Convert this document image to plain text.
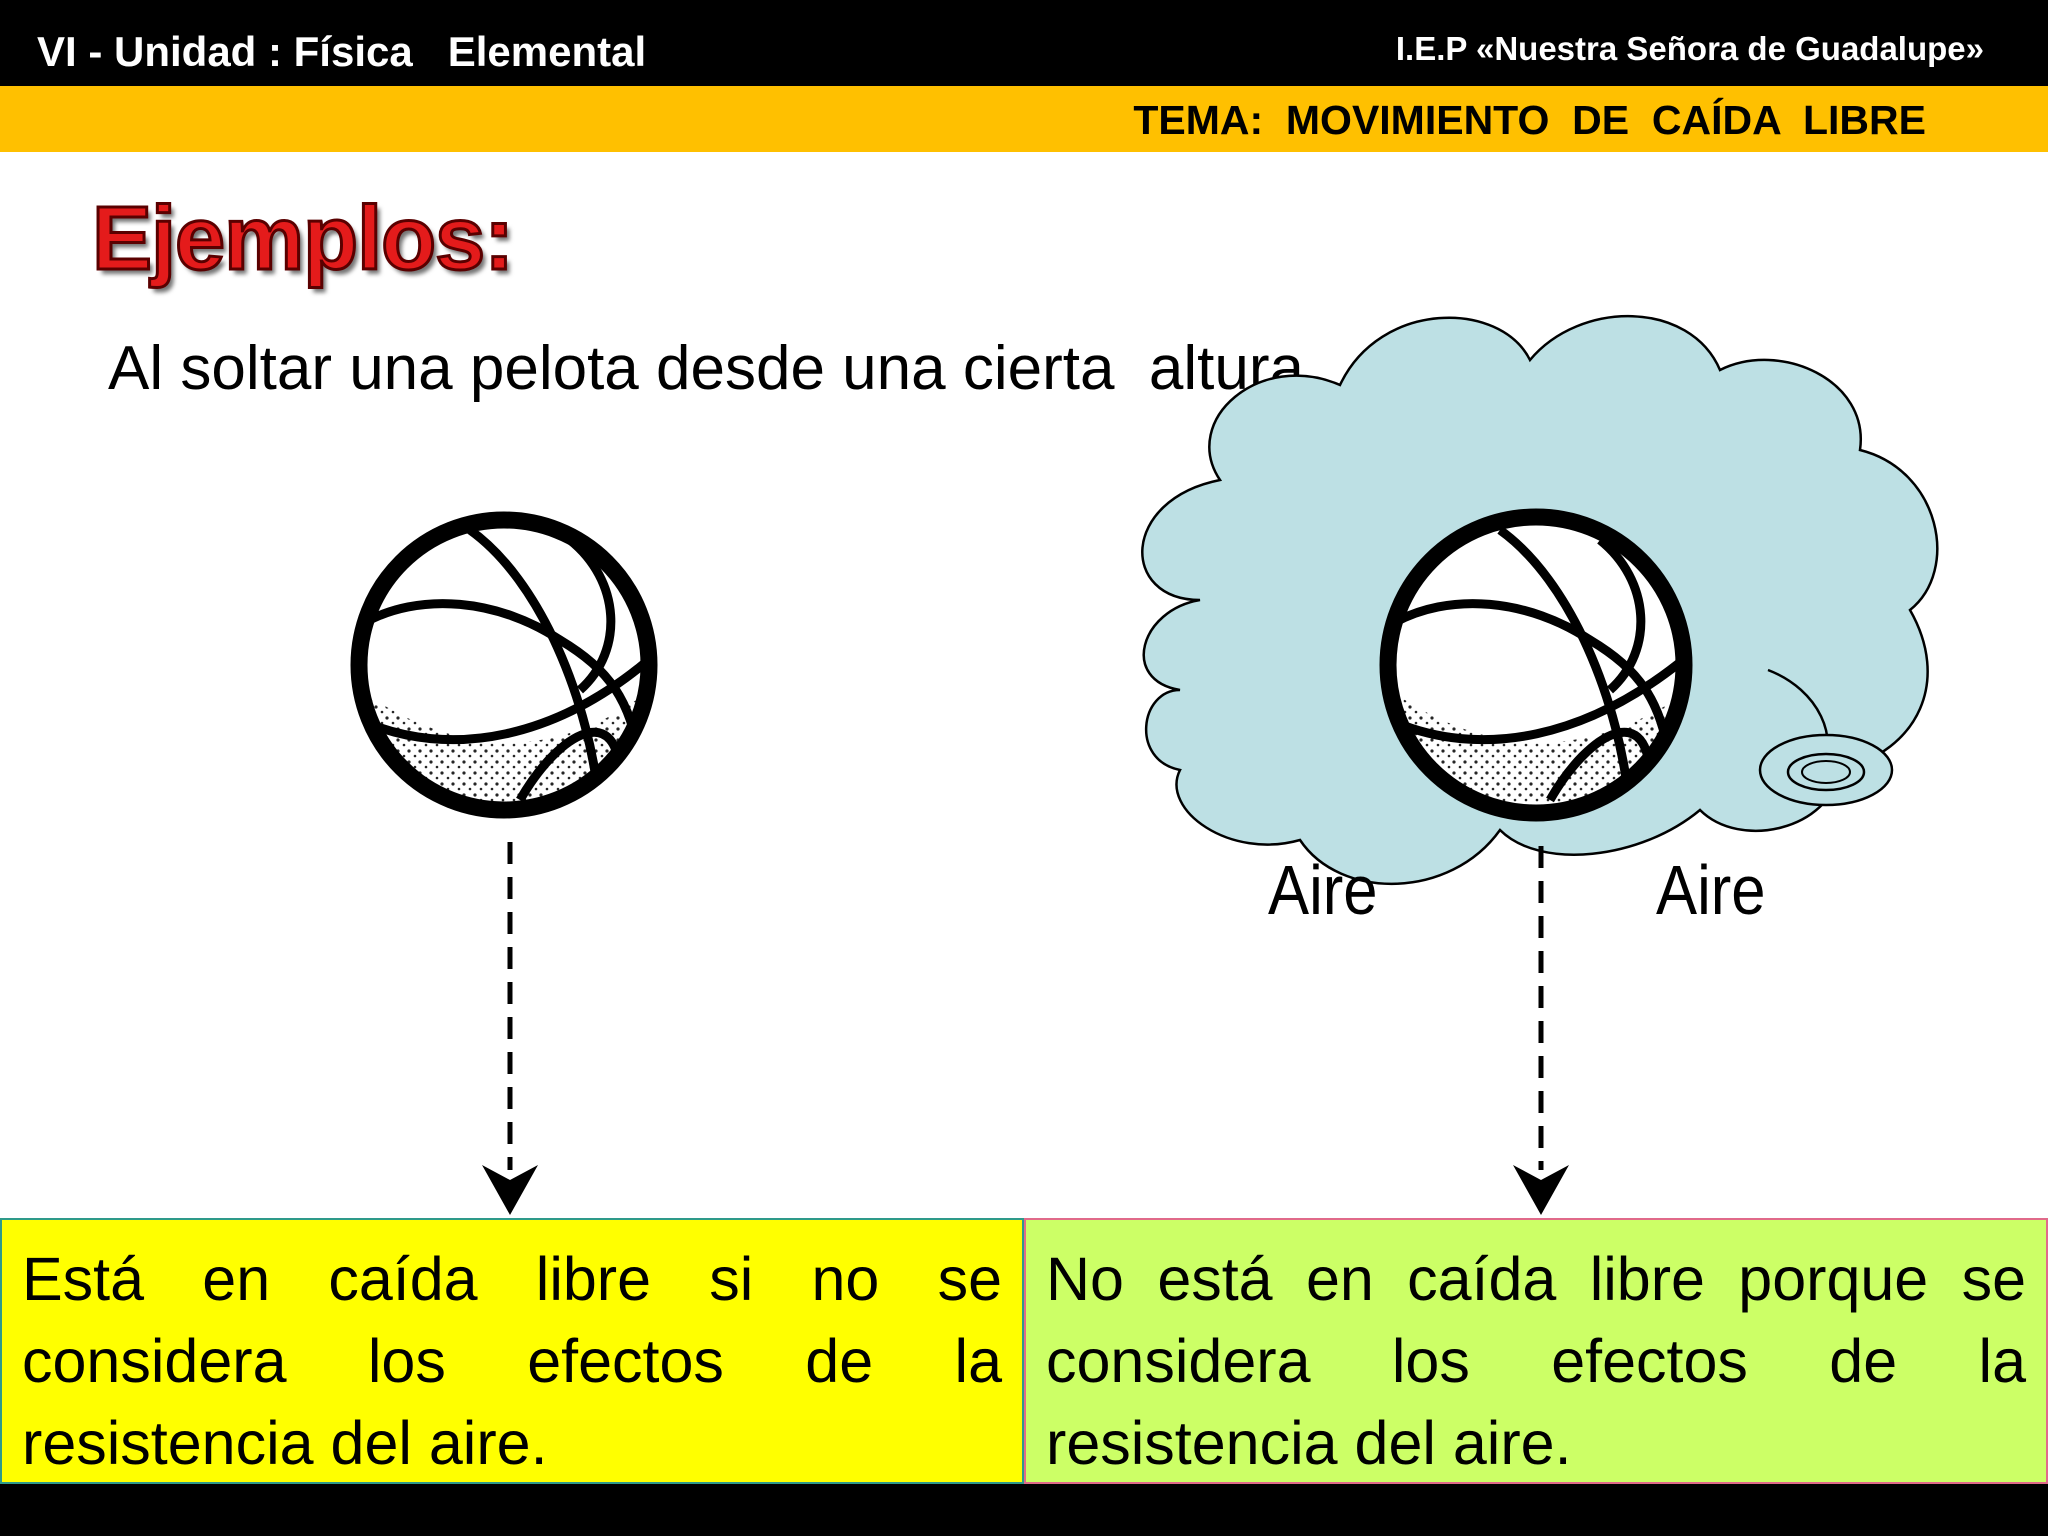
VI - Unidad : Física   Elemental	I.E.P «Nuestra Señora de Guadalupe»
TEMA:  MOVIMIENTO  DE  CAÍDA  LIBRE
Ejemplos:
Al soltar una pelota desde una cierta  altura.
Aire	Aire
Está en caída libre si no se considera los efectos de la resistencia del aire.
No está en caída libre porque se considera los efectos de la resistencia del aire.
